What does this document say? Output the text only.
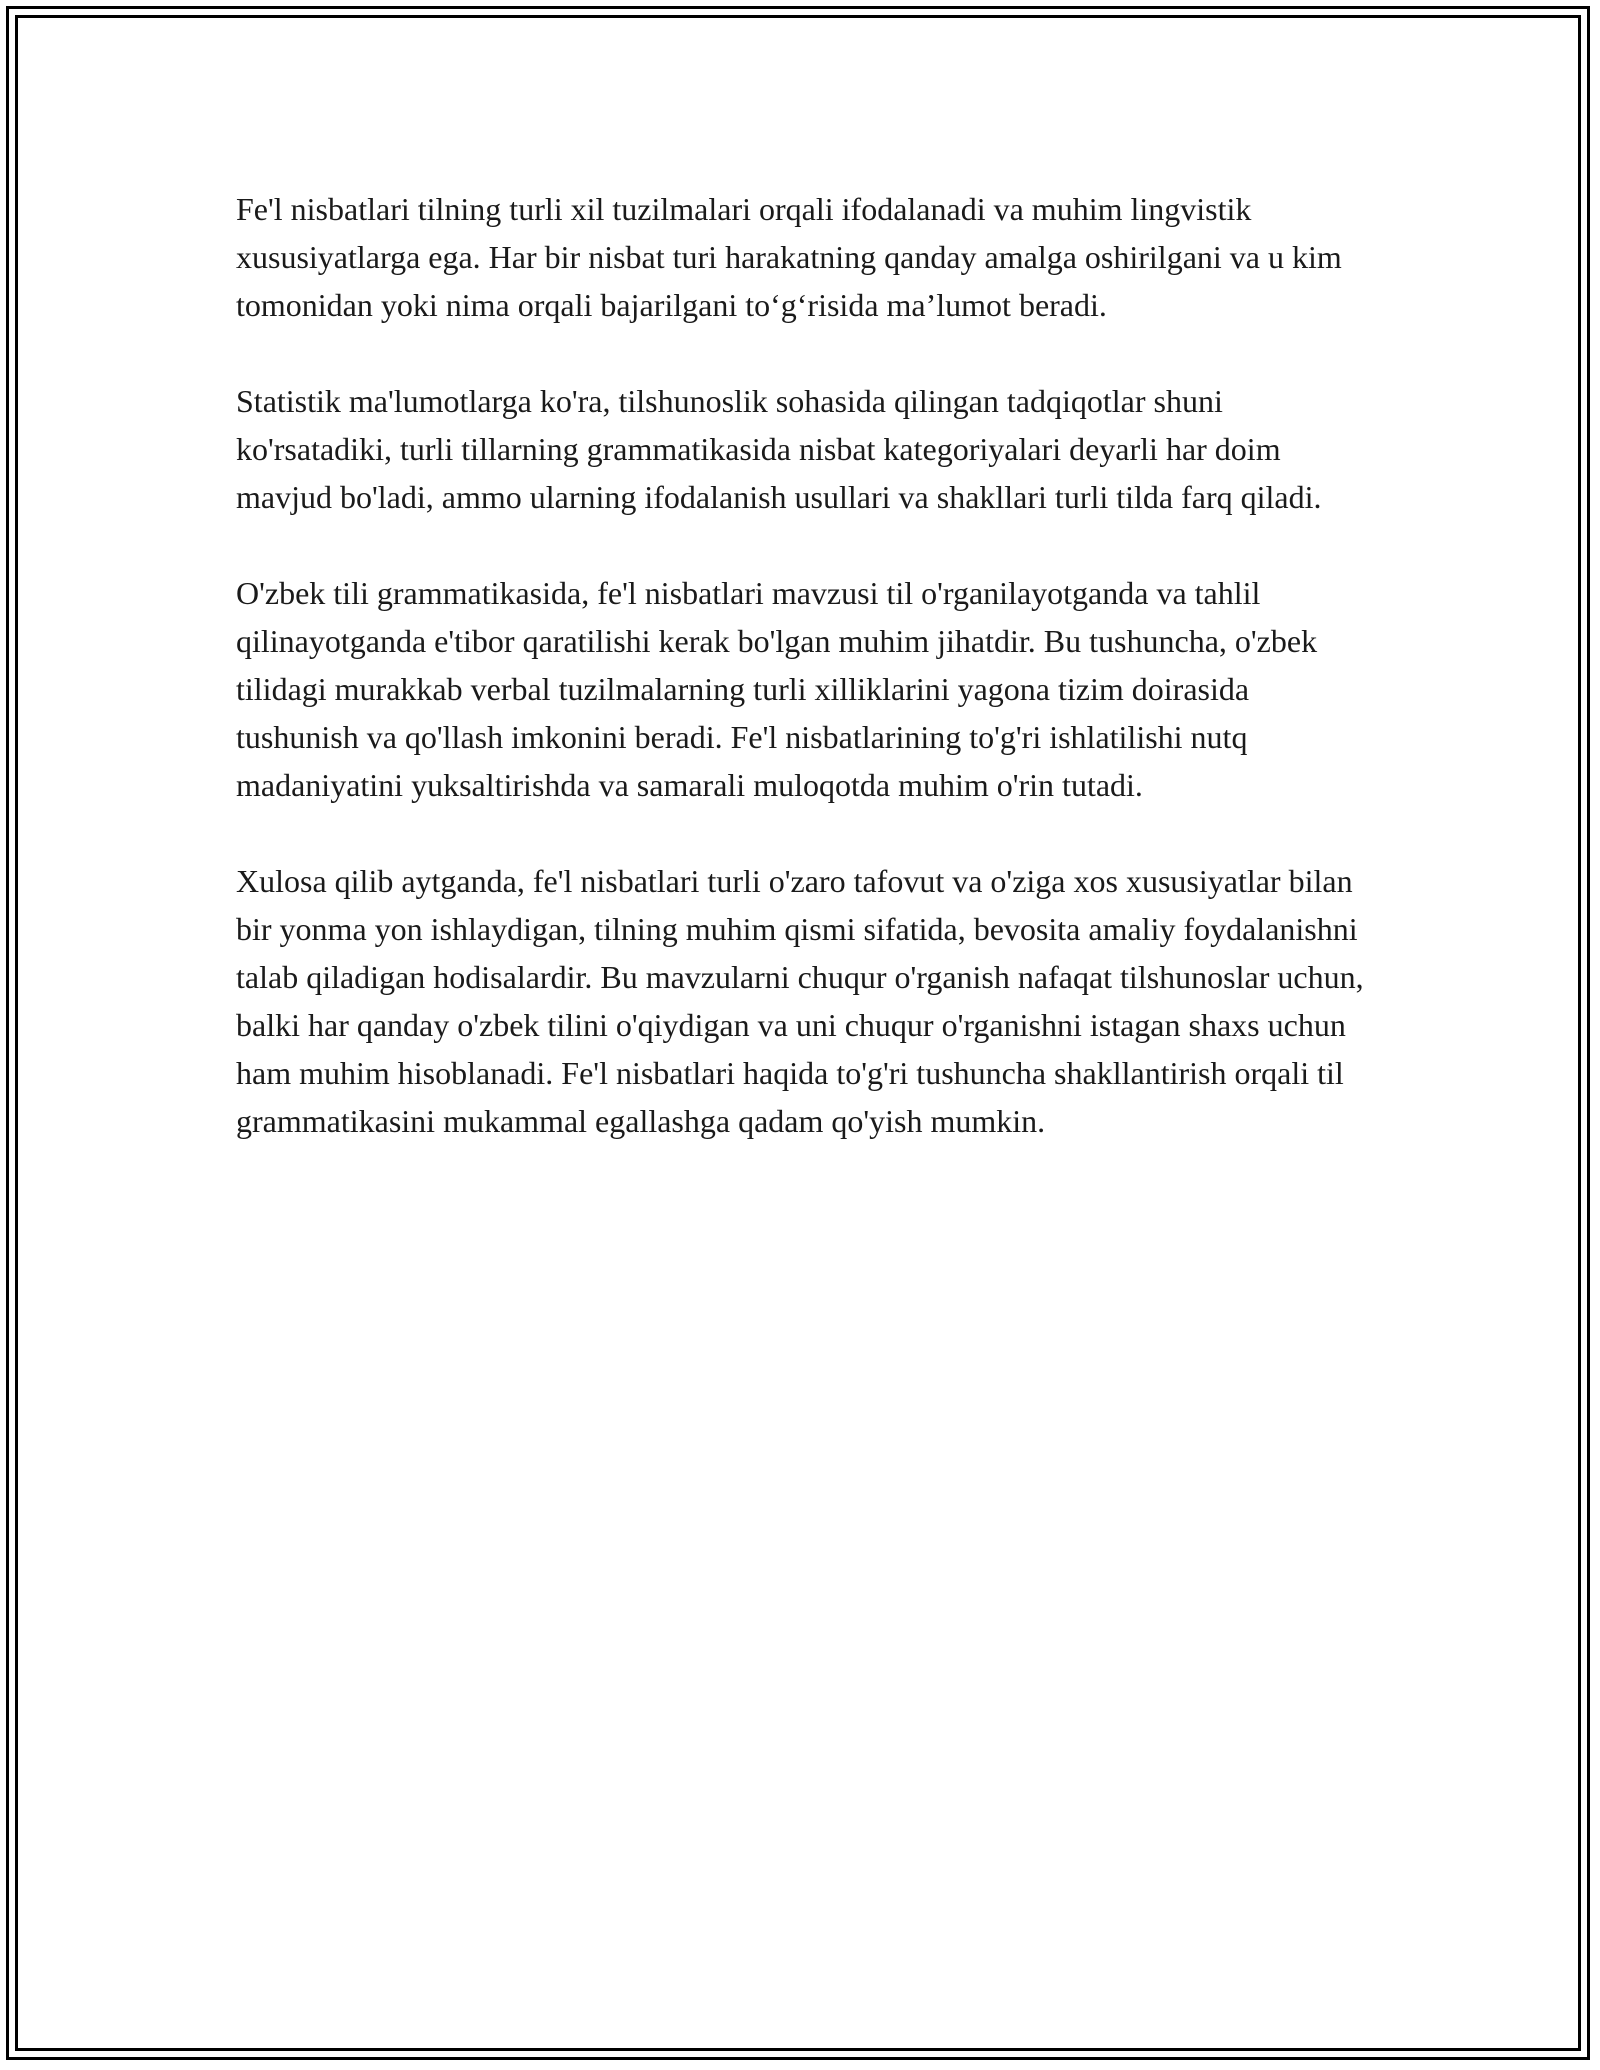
Fe'l nisbatlari tilning turli xil tuzilmalari orqali ifodalanadi va muhim lingvistik xususiyatlarga ega. Har bir nisbat turi harakatning qanday amalga oshirilgani va u kim tomonidan yoki nima orqali bajarilgani to‘g‘risida ma’lumot beradi.

Statistik ma'lumotlarga ko'ra, tilshunoslik sohasida qilingan tadqiqotlar shuni ko'rsatadiki, turli tillarning grammatikasida nisbat kategoriyalari deyarli har doim mavjud bo'ladi, ammo ularning ifodalanish usullari va shakllari turli tilda farq qiladi.

O'zbek tili grammatikasida, fe'l nisbatlari mavzusi til o'rganilayotganda va tahlil qilinayotganda e'tibor qaratilishi kerak bo'lgan muhim jihatdir. Bu tushuncha, o'zbek tilidagi murakkab verbal tuzilmalarning turli xilliklarini yagona tizim doirasida tushunish va qo'llash imkonini beradi. Fe'l nisbatlarining to'g'ri ishlatilishi nutq madaniyatini yuksaltirishda va samarali muloqotda muhim o'rin tutadi.

Xulosa qilib aytganda, fe'l nisbatlari turli o'zaro tafovut va o'ziga xos xususiyatlar bilan bir yonma yon ishlaydigan, tilning muhim qismi sifatida, bevosita amaliy foydalanishni talab qiladigan hodisalardir. Bu mavzularni chuqur o'rganish nafaqat tilshunoslar uchun, balki har qanday o'zbek tilini o'qiydigan va uni chuqur o'rganishni istagan shaxs uchun ham muhim hisoblanadi. Fe'l nisbatlari haqida to'g'ri tushuncha shakllantirish orqali til grammatikasini mukammal egallashga qadam qo'yish mumkin.
